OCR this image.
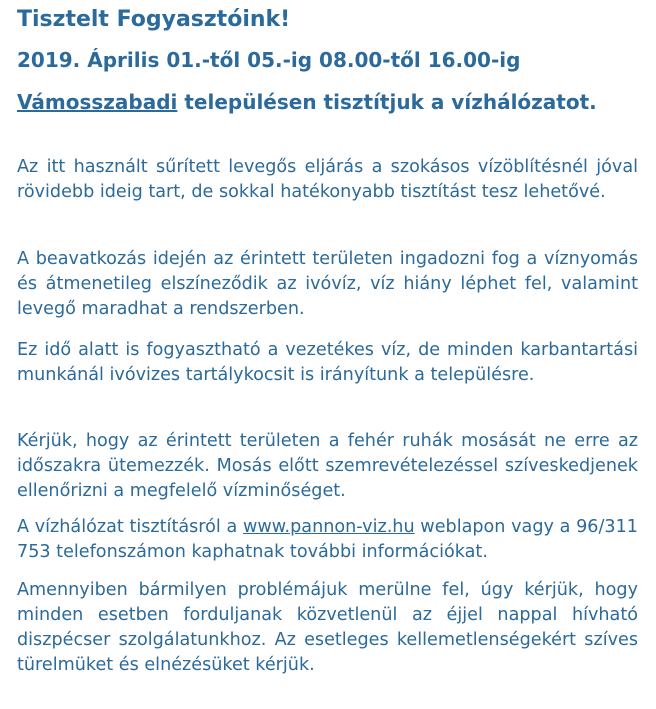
Tisztelt Fogyasztóink!
2019. Április 01.-től 05.-ig 08.00-től 16.00-ig
Vámosszabadi településen tisztítjuk a vízhálózatot.

Az itt használt sűrített levegős eljárás a szokásos vízöblítésnél jóval rövidebb ideig tart, de sokkal hatékonyabb tisztítást tesz lehetővé.

A beavatkozás idején az érintett területen ingadozni fog a víznyomás és átmenetileg elszíneződik az ivóvíz, víz hiány léphet fel, valamint levegő maradhat a rendszerben.

Ez idő alatt is fogyasztható a vezetékes víz, de minden karbantartási munkánál ivóvizes tartálykocsit is irányítunk a településre.

Kérjük, hogy az érintett területen a fehér ruhák mosását ne erre az időszakra ütemezzék. Mosás előtt szemrevételezéssel szíveskedjenek ellenőrizni a megfelelő vízminőséget.

A vízhálózat tisztításról a www.pannon-viz.hu weblapon vagy a 96/311 753 telefonszámon kaphatnak további információkat.

Amennyiben bármilyen problémájuk merülne fel, úgy kérjük, hogy minden esetben forduljanak közvetlenül az éjjel nappal hívható diszpécser szolgálatunkhoz. Az esetleges kellemetlenségekért szíves türelmüket és elnézésüket kérjük.
